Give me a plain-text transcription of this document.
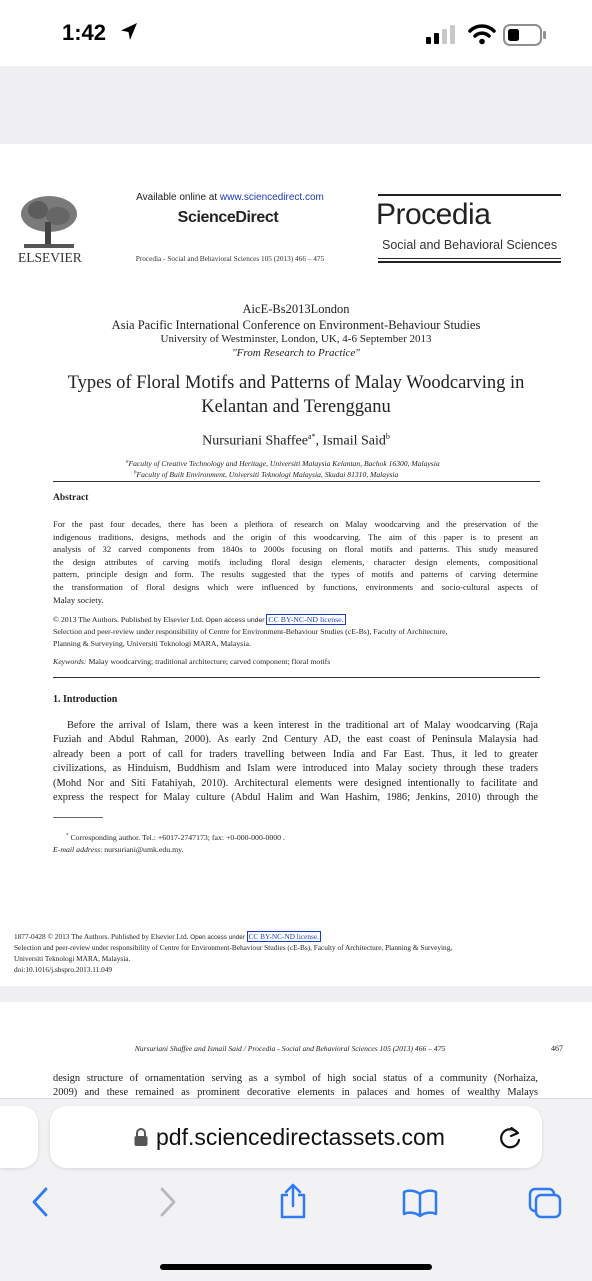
1:42
ELSEVIER
Available online at www.sciencedirect.com
ScienceDirect
Procedia - Social and Behavioral Sciences 105 (2013) 466 – 475
Procedia
Social and Behavioral Sciences
AicE-Bs2013London
Asia Pacific International Conference on Environment-Behaviour Studies
University of Westminster, London, UK, 4-6 September 2013
"From Research to Practice"
Types of Floral Motifs and Patterns of Malay Woodcarving in
Kelantan and Terengganu
Nursuriani Shaffee$^{a*}$, Ismail Said$^b$
$^a$Faculty of Creative Technology and Heritage, Universiti Malaysia Kelantan, Bachok 16300, Malaysia
$^b$Faculty of Built Environment, Universiti Teknologi Malaysia, Skudai 81310, Malaysia
Abstract
For the past four decades, there has been a plethora of research on Malay woodcarving and the preservation of the
indigenous traditions, designs, methods and the origin of this woodcarving. The aim of this paper is to present an
analysis of 32 carved components from 1840s to 2000s focusing on floral motifs and patterns. This study measured
the design attributes of carving motifs including floral design elements, character design elements, compositional
pattern, principle design and form. The results suggested that the types of motifs and patterns of carving determine
the transformation of floral designs which were influenced by functions, environments and socio-cultural aspects of
Malay society.
© 2013 The Authors. Published by Elsevier Ltd. Open access under CC BY-NC-ND license.
Selection and peer-review under responsibility of Centre for Environment-Behaviour Studies (cE-Bs), Faculty of Architecture,
Planning & Surveying, Universiti Teknologi MARA, Malaysia.
Keywords: Malay woodcarving; traditional architecture; carved component; floral motifs
1. Introduction
Before the arrival of Islam, there was a keen interest in the traditional art of Malay woodcarving (Raja
Fuziah and Abdul Rahman, 2000). As early 2nd Century AD, the east coast of Peninsula Malaysia had
already been a port of call for traders travelling between India and Far East. Thus, it led to greater
civilizations, as Hinduism, Buddhism and Islam were introduced into Malay society through these traders
(Mohd Nor and Siti Fatahiyah, 2010). Architectural elements were designed intentionally to facilitate and
express the respect for Malay culture (Abdul Halim and Wan Hashim, 1986; Jenkins, 2010) through the
* Corresponding author. Tel.: +6017-2747173; fax: +0-000-000-0000 .
E-mail address: nursuriani@umk.edu.my.
1877-0428 © 2013 The Authors. Published by Elsevier Ltd. Open access under CC BY-NC-ND license.
Selection and peer-review under responsibility of Centre for Environment-Behaviour Studies (cE-Bs), Faculty of Architecture, Planning & Surveying,
Universiti Teknologi MARA, Malaysia.
doi:10.1016/j.sbspro.2013.11.049
Nursuriani Shaffee and Ismail Said / Procedia - Social and Behavioral Sciences 105 (2013) 466 – 475	467
design structure of ornamentation serving as a symbol of high social status of a community (Norhaiza,
2009) and these remained as prominent decorative elements in palaces and homes of wealthy Malays
pdf.sciencedirectassets.com
